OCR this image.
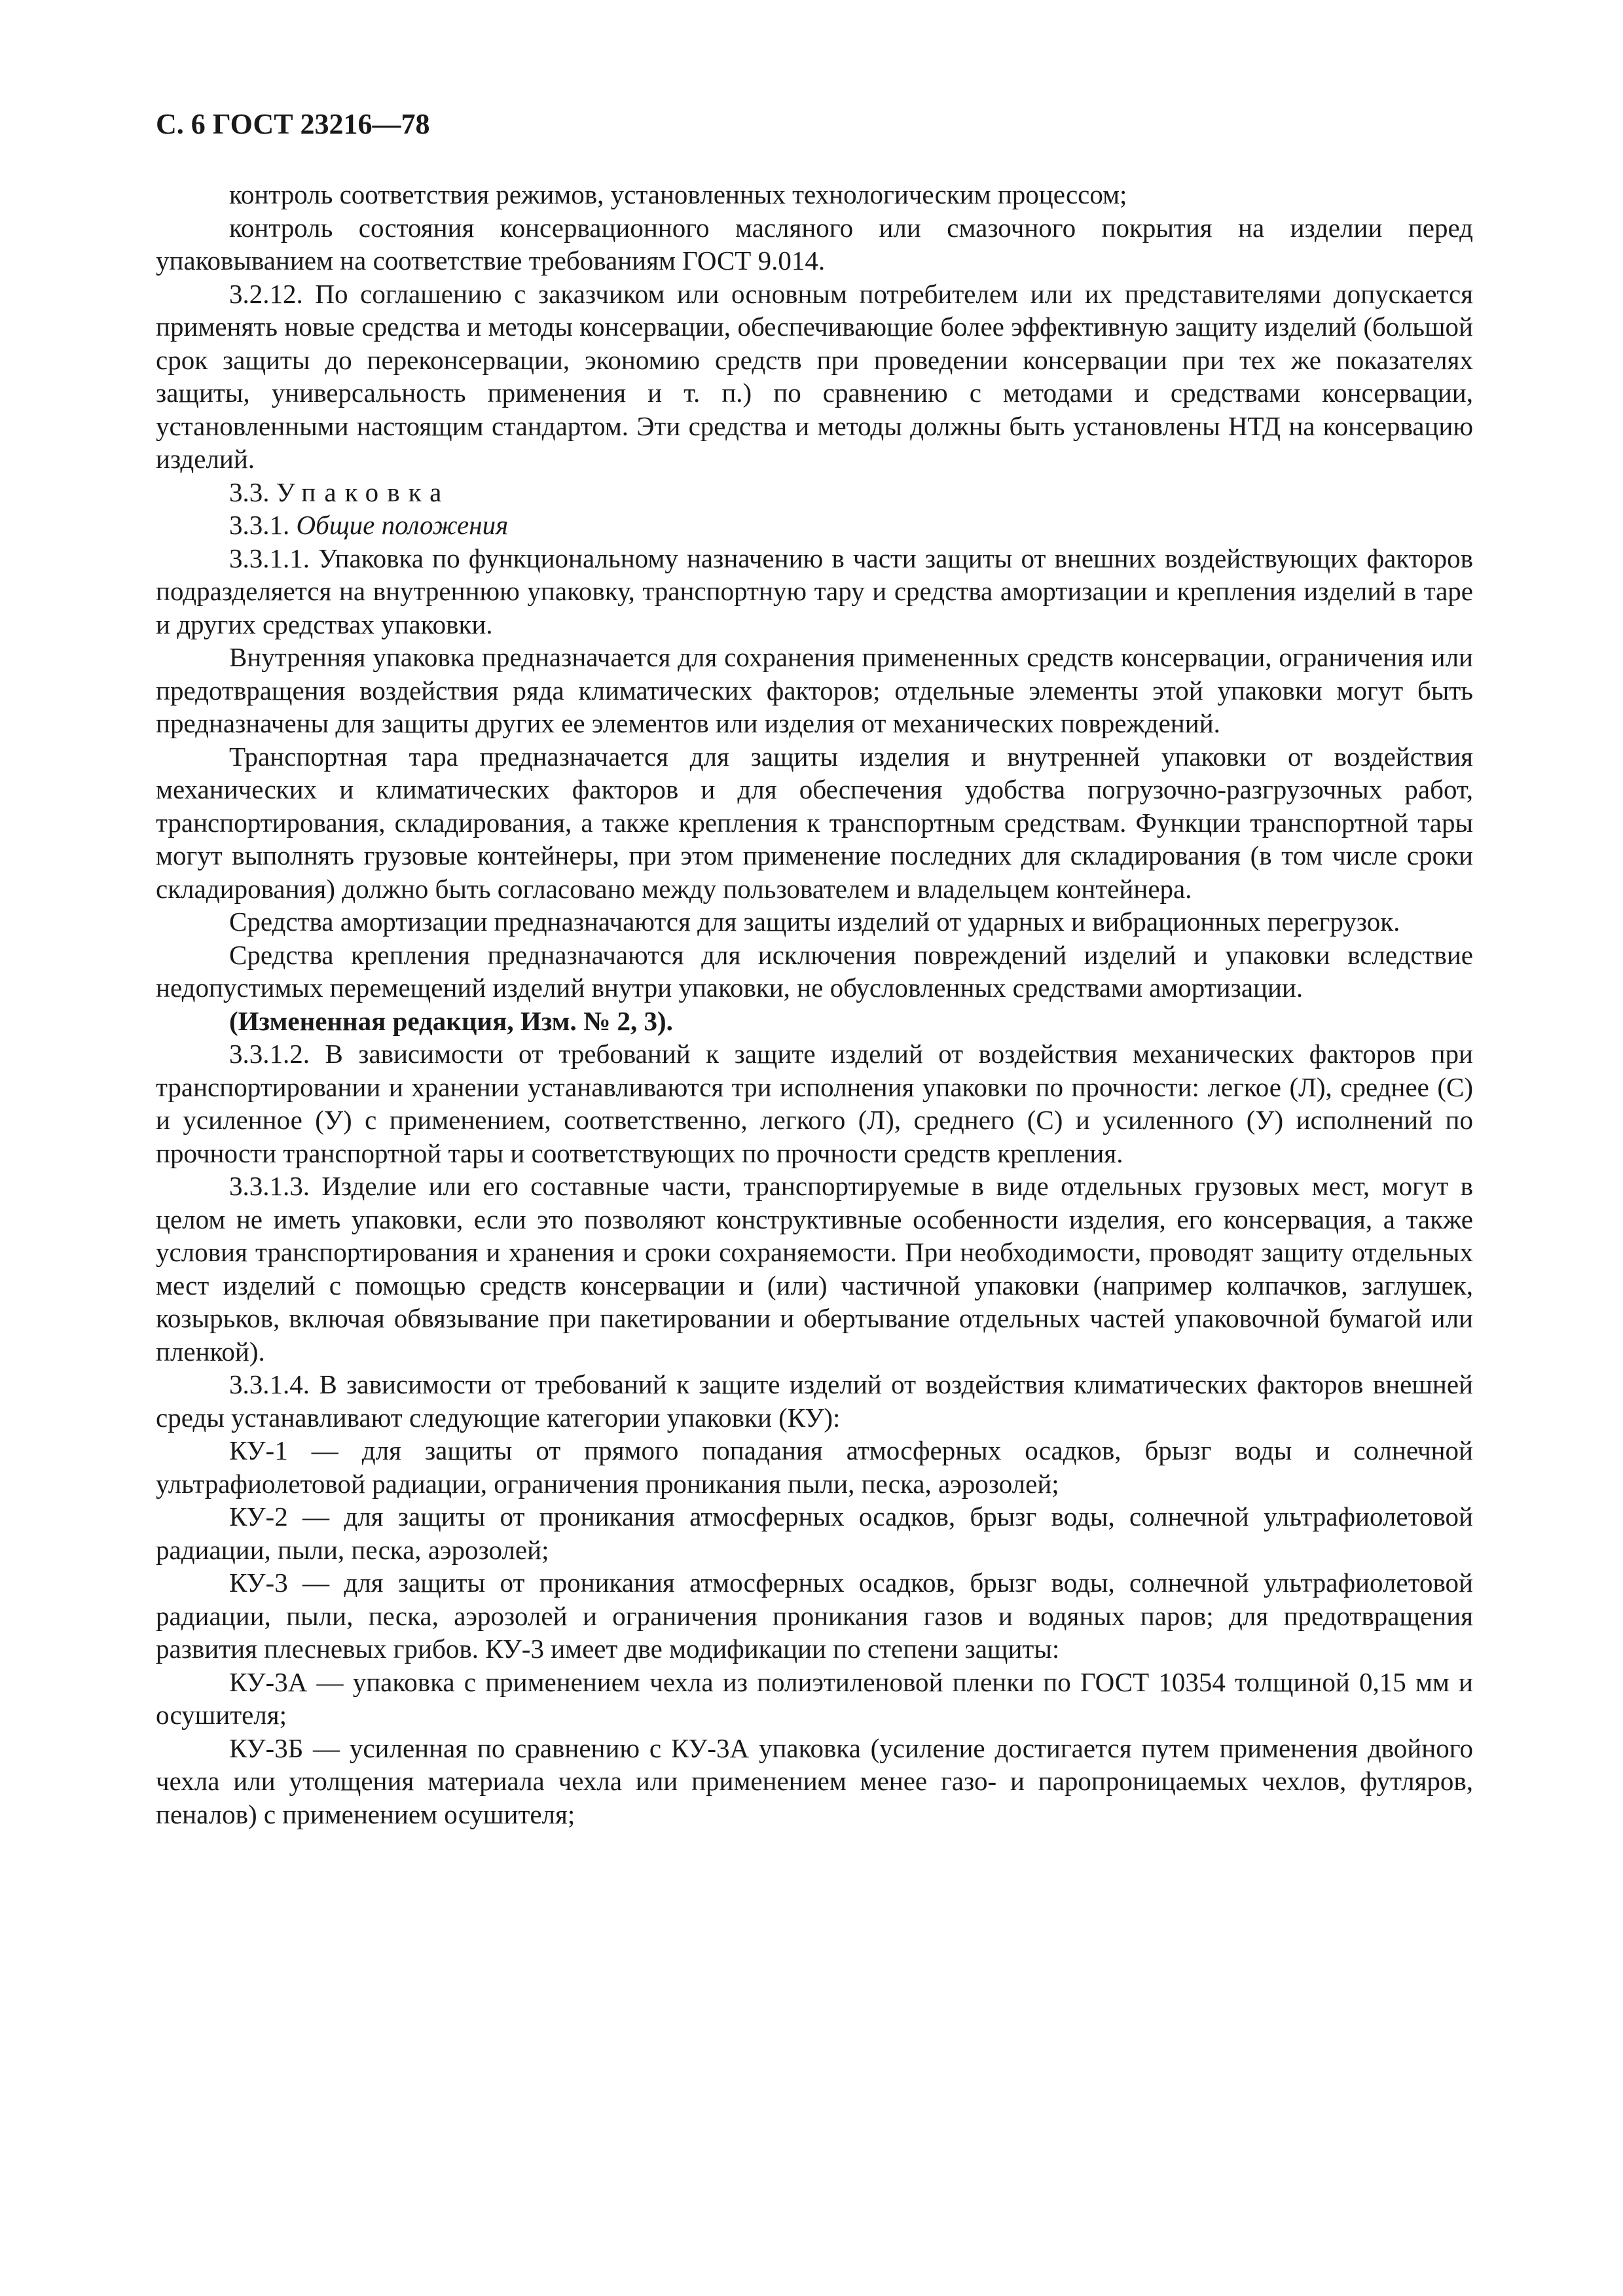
С. 6 ГОСТ 23216—78

контроль соответствия режимов, установленных технологическим процессом;

контроль состояния консервационного масляного или смазочного покрытия на изделии перед упаковыванием на соответствие требованиям ГОСТ 9.014.

3.2.12. По соглашению с заказчиком или основным потребителем или их представителями допускается применять новые средства и методы консервации, обеспечивающие более эффективную защиту изделий (большой срок защиты до переконсервации, экономию средств при проведении консервации при тех же показателях защиты, универсальность применения и т. п.) по сравнению с методами и средствами консервации, установленными настоящим стандартом. Эти средства и методы должны быть установлены НТД на консервацию изделий.

3.3. Упаковка

3.3.1. Общие положения

3.3.1.1. Упаковка по функциональному назначению в части защиты от внешних воздействующих факторов подразделяется на внутреннюю упаковку, транспортную тару и средства амортизации и крепления изделий в таре и других средствах упаковки.

Внутренняя упаковка предназначается для сохранения примененных средств консервации, ограничения или предотвращения воздействия ряда климатических факторов; отдельные элементы этой упаковки могут быть предназначены для защиты других ее элементов или изделия от механических повреждений.

Транспортная тара предназначается для защиты изделия и внутренней упаковки от воздействия механических и климатических факторов и для обеспечения удобства погрузочно-разгрузочных работ, транспортирования, складирования, а также крепления к транспортным средствам. Функции транспортной тары могут выполнять грузовые контейнеры, при этом применение последних для складирования (в том числе сроки складирования) должно быть согласовано между пользователем и владельцем контейнера.

Средства амортизации предназначаются для защиты изделий от ударных и вибрационных перегрузок.

Средства крепления предназначаются для исключения повреждений изделий и упаковки вследствие недопустимых перемещений изделий внутри упаковки, не обусловленных средствами амортизации.

(Измененная редакция, Изм. № 2, 3).

3.3.1.2. В зависимости от требований к защите изделий от воздействия механических факторов при транспортировании и хранении устанавливаются три исполнения упаковки по прочности: легкое (Л), среднее (С) и усиленное (У) с применением, соответственно, легкого (Л), среднего (С) и усиленного (У) исполнений по прочности транспортной тары и соответствующих по прочности средств крепления.

3.3.1.3. Изделие или его составные части, транспортируемые в виде отдельных грузовых мест, могут в целом не иметь упаковки, если это позволяют конструктивные особенности изделия, его консервация, а также условия транспортирования и хранения и сроки сохраняемости. При необходимости, проводят защиту отдельных мест изделий с помощью средств консервации и (или) частичной упаковки (например колпачков, заглушек, козырьков, включая обвязывание при пакетировании и обертывание отдельных частей упаковочной бумагой или пленкой).

3.3.1.4. В зависимости от требований к защите изделий от воздействия климатических факторов внешней среды устанавливают следующие категории упаковки (КУ):

КУ-1 — для защиты от прямого попадания атмосферных осадков, брызг воды и солнечной ультрафиолетовой радиации, ограничения проникания пыли, песка, аэрозолей;

КУ-2 — для защиты от проникания атмосферных осадков, брызг воды, солнечной ультрафиолетовой радиации, пыли, песка, аэрозолей;

КУ-3 — для защиты от проникания атмосферных осадков, брызг воды, солнечной ультрафиолетовой радиации, пыли, песка, аэрозолей и ограничения проникания газов и водяных паров; для предотвращения развития плесневых грибов. КУ-3 имеет две модификации по степени защиты:

КУ-3А — упаковка с применением чехла из полиэтиленовой пленки по ГОСТ 10354 толщиной 0,15 мм и осушителя;

КУ-3Б — усиленная по сравнению с КУ-3А упаковка (усиление достигается путем применения двойного чехла или утолщения материала чехла или применением менее газо- и паропроницаемых чехлов, футляров, пеналов) с применением осушителя;
